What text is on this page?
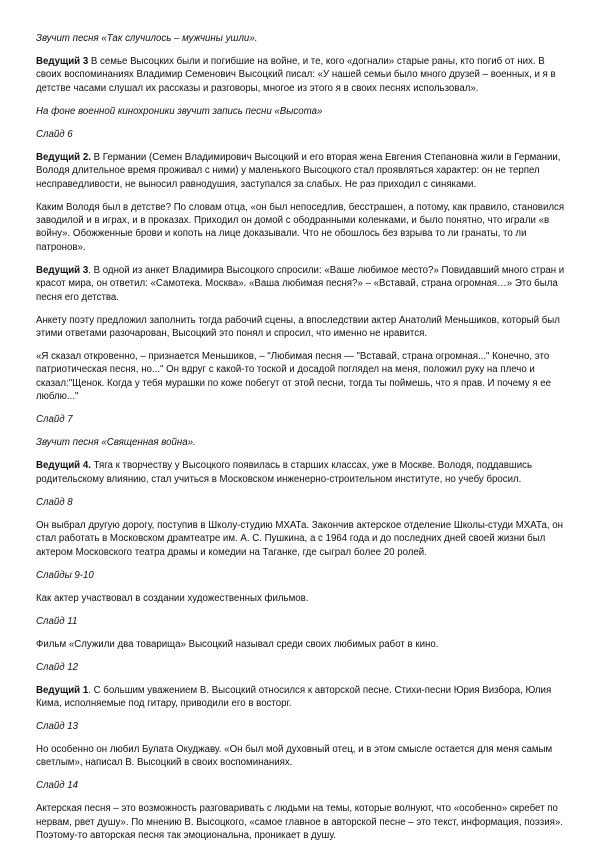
Звучит песня «Так случилось – мужчины ушли».

Ведущий 3 В семье Высоцких были и погибшие на войне, и те, кого «догнали» старые раны, кто погиб от них. В своих воспоминаниях Владимир Семенович Высоцкий писал: «У нашей семьи было много друзей – военных, и я в детстве часами слушал их рассказы и разговоры, многое из этого я в своих песнях использовал».

На фоне военной кинохроники звучит запись песни «Высота»

Слайд 6

Ведущий 2. В Германии (Семен Владимирович Высоцкий и его вторая жена Евгения Степановна жили в Германии, Володя длительное время проживал с ними) у маленького Высоцкого стал проявляться характер: он не терпел несправедливости, не выносил равнодушия, заступался за слабых. Не раз приходил с синяками.

Каким Володя был в детстве? По словам отца, «он был непоседлив, бесстрашен, а потому, как правило, становился заводилой и в играх, и в проказах. Приходил он домой с ободранными коленками, и было понятно, что играли «в войну». Обожженные брови и копоть на лице доказывали. Что не обошлось без взрыва то ли гранаты, то ли патронов».

Ведущий 3. В одной из анкет Владимира Высоцкого спросили: «Ваше любимое место?» Повидавший много стран и красот мира, он ответил: «Самотека. Москва». «Ваша любимая песня?» – «Вставай, страна огромная…» Это была песня его детства.

Анкету поэту предложил заполнить тогда рабочий сцены, а впоследствии актер Анатолий Меньшиков, который был этими ответами разочарован, Высоцкий это понял и спросил, что именно не нравится.

«Я сказал откровенно, – признается Меньшиков, – "Любимая песня — "Вставай, страна огромная..." Конечно, это патриотическая песня, но..." Он вдруг с какой-то тоской и досадой поглядел на меня, положил руку на плечо и сказал:"Щенок. Когда у тебя мурашки по коже побегут от этой песни, тогда ты поймешь, что я прав. И почему я ее люблю..."

Слайд 7

Звучит песня «Священная война».

Ведущий 4. Тяга к творчеству у Высоцкого появилась в старших классах, уже в Москве. Володя, поддавшись родительскому влиянию, стал учиться в Московском инженерно-строительном институте, но учебу бросил.

Слайд 8

Он выбрал другую дорогу, поступив в Школу-студию МХАТа. Закончив актерское отделение Школы-студи МХАТа, он стал работать в Московском драмтеатре им. А. С. Пушкина, а с 1964 года и до последних дней своей жизни был актером Московского театра драмы и комедии на Таганке, где сыграл более 20 ролей.

Слайды 9-10

Как актер участвовал в создании художественных фильмов.

Слайд 11

Фильм «Служили два товарища» Высоцкий называл среди своих любимых работ в кино.

Слайд 12

Ведущий 1. С большим уважением В. Высоцкий относился к авторской песне. Стихи-песни Юрия Визбора, Юлия Кима, исполняемые под гитару, приводили его в восторг.

Слайд 13

Но особенно он любил Булата Окуджаву. «Он был мой духовный отец, и в этом смысле остается для меня самым светлым», написал В. Высоцкий в своих воспоминаниях.

Слайд 14

Актерская песня – это возможность разговаривать с людьми на темы, которые волнуют, что «особенно» скребет по нервам, рвет душу». По мнению В. Высоцкого, «самое главное в авторской песне – это текст, информация, поэзия». Поэтому-то авторская песня так эмоциональна, проникает в душу.
